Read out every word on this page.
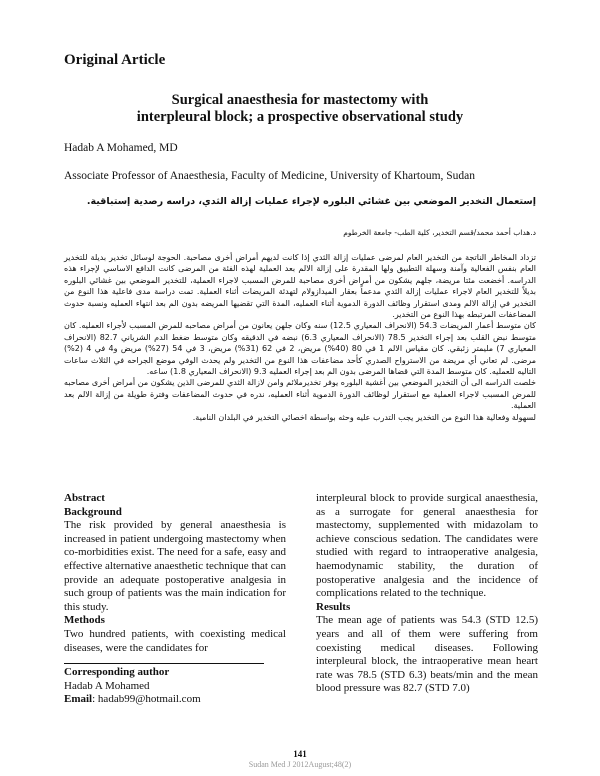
Original Article
Surgical anaesthesia for mastectomy with
interpleural block; a prospective observational study
Hadab A Mohamed, MD
Associate Professor of Anaesthesia, Faculty of Medicine, University of Khartoum, Sudan
إستعمال التخدير الموضعي بين غشائي البلوره لإجراء عمليات إزالة الثدي، دراسه رصدية إستباقية.
د.هداب أحمد محمد/قسم التخدير، كلية الطب- جامعة الخرطوم

تزداد المخاطر الناتجة من التخدير العام لمرضى عمليات إزالة الثدي إذا كانت لديهم أمراض أخرى مصاحبة. الحوجة لوسائل تخدير بديلة للتخدير العام بنفس الفعالية وآمنة وسهلة التطبيق ولها المقدرة على إزالة الالم بعد العملية لهذه الفئة من المرضى كانت الدافع الاساسي لإجراء هذه الدراسه. أخضعت مئتا مريضة، جلهم يشكون من أمراض أخرى مصاحبة للمرض المسبب لاجراء العملية، للتخدير الموضعي بين غشائي البلوره بديلاً للتخدير العام لاجراء عمليات إزالة الثدي مدعماً بعقار الميدازولام لتهدئة المريضات أثناء العملية. تمت دراسة مدى فاعلية هذا النوع من التخدير في إزالة الالم ومدى استقرار وظائف الدورة الدموية أثناء العمليه، المدة التي تقضيها المريضه بدون الم بعد انتهاء العمليه ونسبة حدوث المضاعفات المرتبطه بهذا النوع من التخدير.

كان متوسط أعمار المريضات 54.3 (الانحراف المعياري 12.5) سنه وكان جلهن يعانون من أمراض مصاحبه للمرض المسبب لأجراء العمليه. كان متوسط نبض القلب بعد إجراء التخدير 78.5 (الانحراف المعياري 6.3) نبضه في الدقيقه وكان متوسط ضغط الدم الشرياني 82.7 (الانحراف المعياري 7) مليمتر زئبقي. كان مقياس الالم 1 في 80 (40%) مريض، 2 في 62 (31%) مريض، 3 في 54 (27%) مريض و4 في 4 (2%) مرضى. لم تعاني أي مريضة من الاسترواح الصدري كأحد مضاعفات هذا النوع من التخدير ولم يحدث الوفي موضع الجراحه في الثلاث ساعات التاليه للعمليه. كان متوسط المدة التي قضاها المرضى بدون الم بعد إجراء العمليه 9.3 (الانحراف المعياري 1.8) ساعه.

خلصت الدراسه الى أن التخدير الموضعي بين أغشية البلوره يوفر تخديرملائم وامن لازالة الثدي للمرضى الذين يشكون من أمراض أخرى مصاحبه للمرض المسبب لاجراء العملية مع استقرار لوظائف الدورة الدموية أثناء العمليه، ندره في حدوث المضاعفات وفترة طويلة من إزالة الالم بعد العملية.

لسهولة وفعالية هذا النوع من التخدير يجب التدرب عليه وحثه بواسطة اخصائي التخدير في البلدان النامية.

Abstract
Background

The risk provided by general anaesthesia is increased in patient undergoing mastectomy when co-morbidities exist. The need for a safe, easy and effective alternative anaesthetic technique that can provide an adequate postoperative analgesia in such group of patients was the main indication for this study.

Methods

Two hundred patients, with coexisting medical diseases, were the candidates for

Corresponding author

Hadab A Mohamed

Email: hadab99@hotmail.com

interpleural block to provide surgical anaesthesia, as a surrogate for general anaesthesia for mastectomy, supplemented with midazolam to achieve conscious sedation. The candidates were studied with regard to intraoperative analgesia, haemodynamic stability, the duration of postoperative analgesia and the incidence of complications related to the technique.

Results

The mean age of patients was 54.3 (STD 12.5) years and all of them were suffering from coexisting medical diseases. Following interpleural block, the intraoperative mean heart rate was 78.5 (STD 6.3) beats/min and the mean blood pressure was 82.7 (STD 7.0)

141
Sudan Med J 2012August;48(2)
